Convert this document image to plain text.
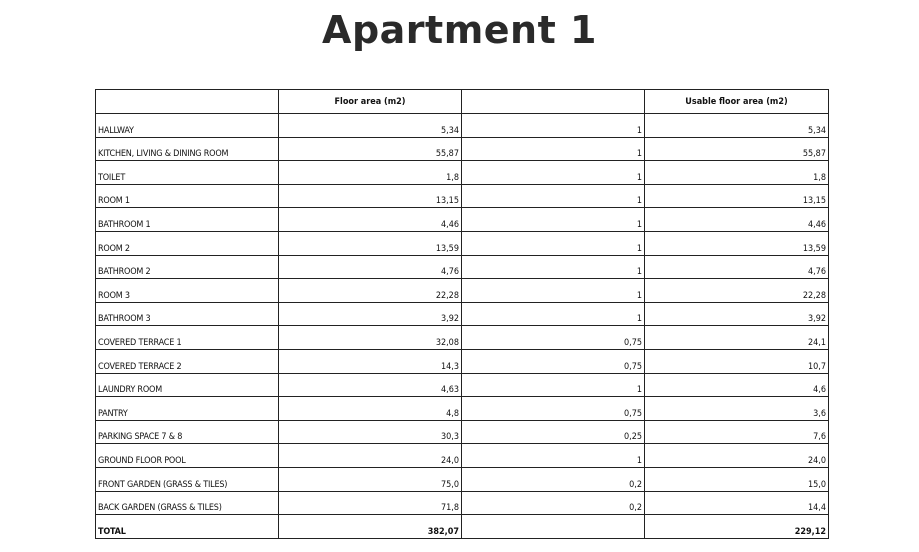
Apartment 1
	Floor area (m2)		Usable floor area (m2)
HALLWAY	5,34	1	5,34
KITCHEN, LIVING & DINING ROOM	55,87	1	55,87
TOILET	1,8	1	1,8
ROOM 1	13,15	1	13,15
BATHROOM 1	4,46	1	4,46
ROOM 2	13,59	1	13,59
BATHROOM 2	4,76	1	4,76
ROOM 3	22,28	1	22,28
BATHROOM 3	3,92	1	3,92
COVERED TERRACE 1	32,08	0,75	24,1
COVERED TERRACE 2	14,3	0,75	10,7
LAUNDRY ROOM	4,63	1	4,6
PANTRY	4,8	0,75	3,6
PARKING SPACE 7 & 8	30,3	0,25	7,6
GROUND FLOOR POOL	24,0	1	24,0
FRONT GARDEN (GRASS & TILES)	75,0	0,2	15,0
BACK GARDEN (GRASS & TILES)	71,8	0,2	14,4
TOTAL	382,07		229,12
